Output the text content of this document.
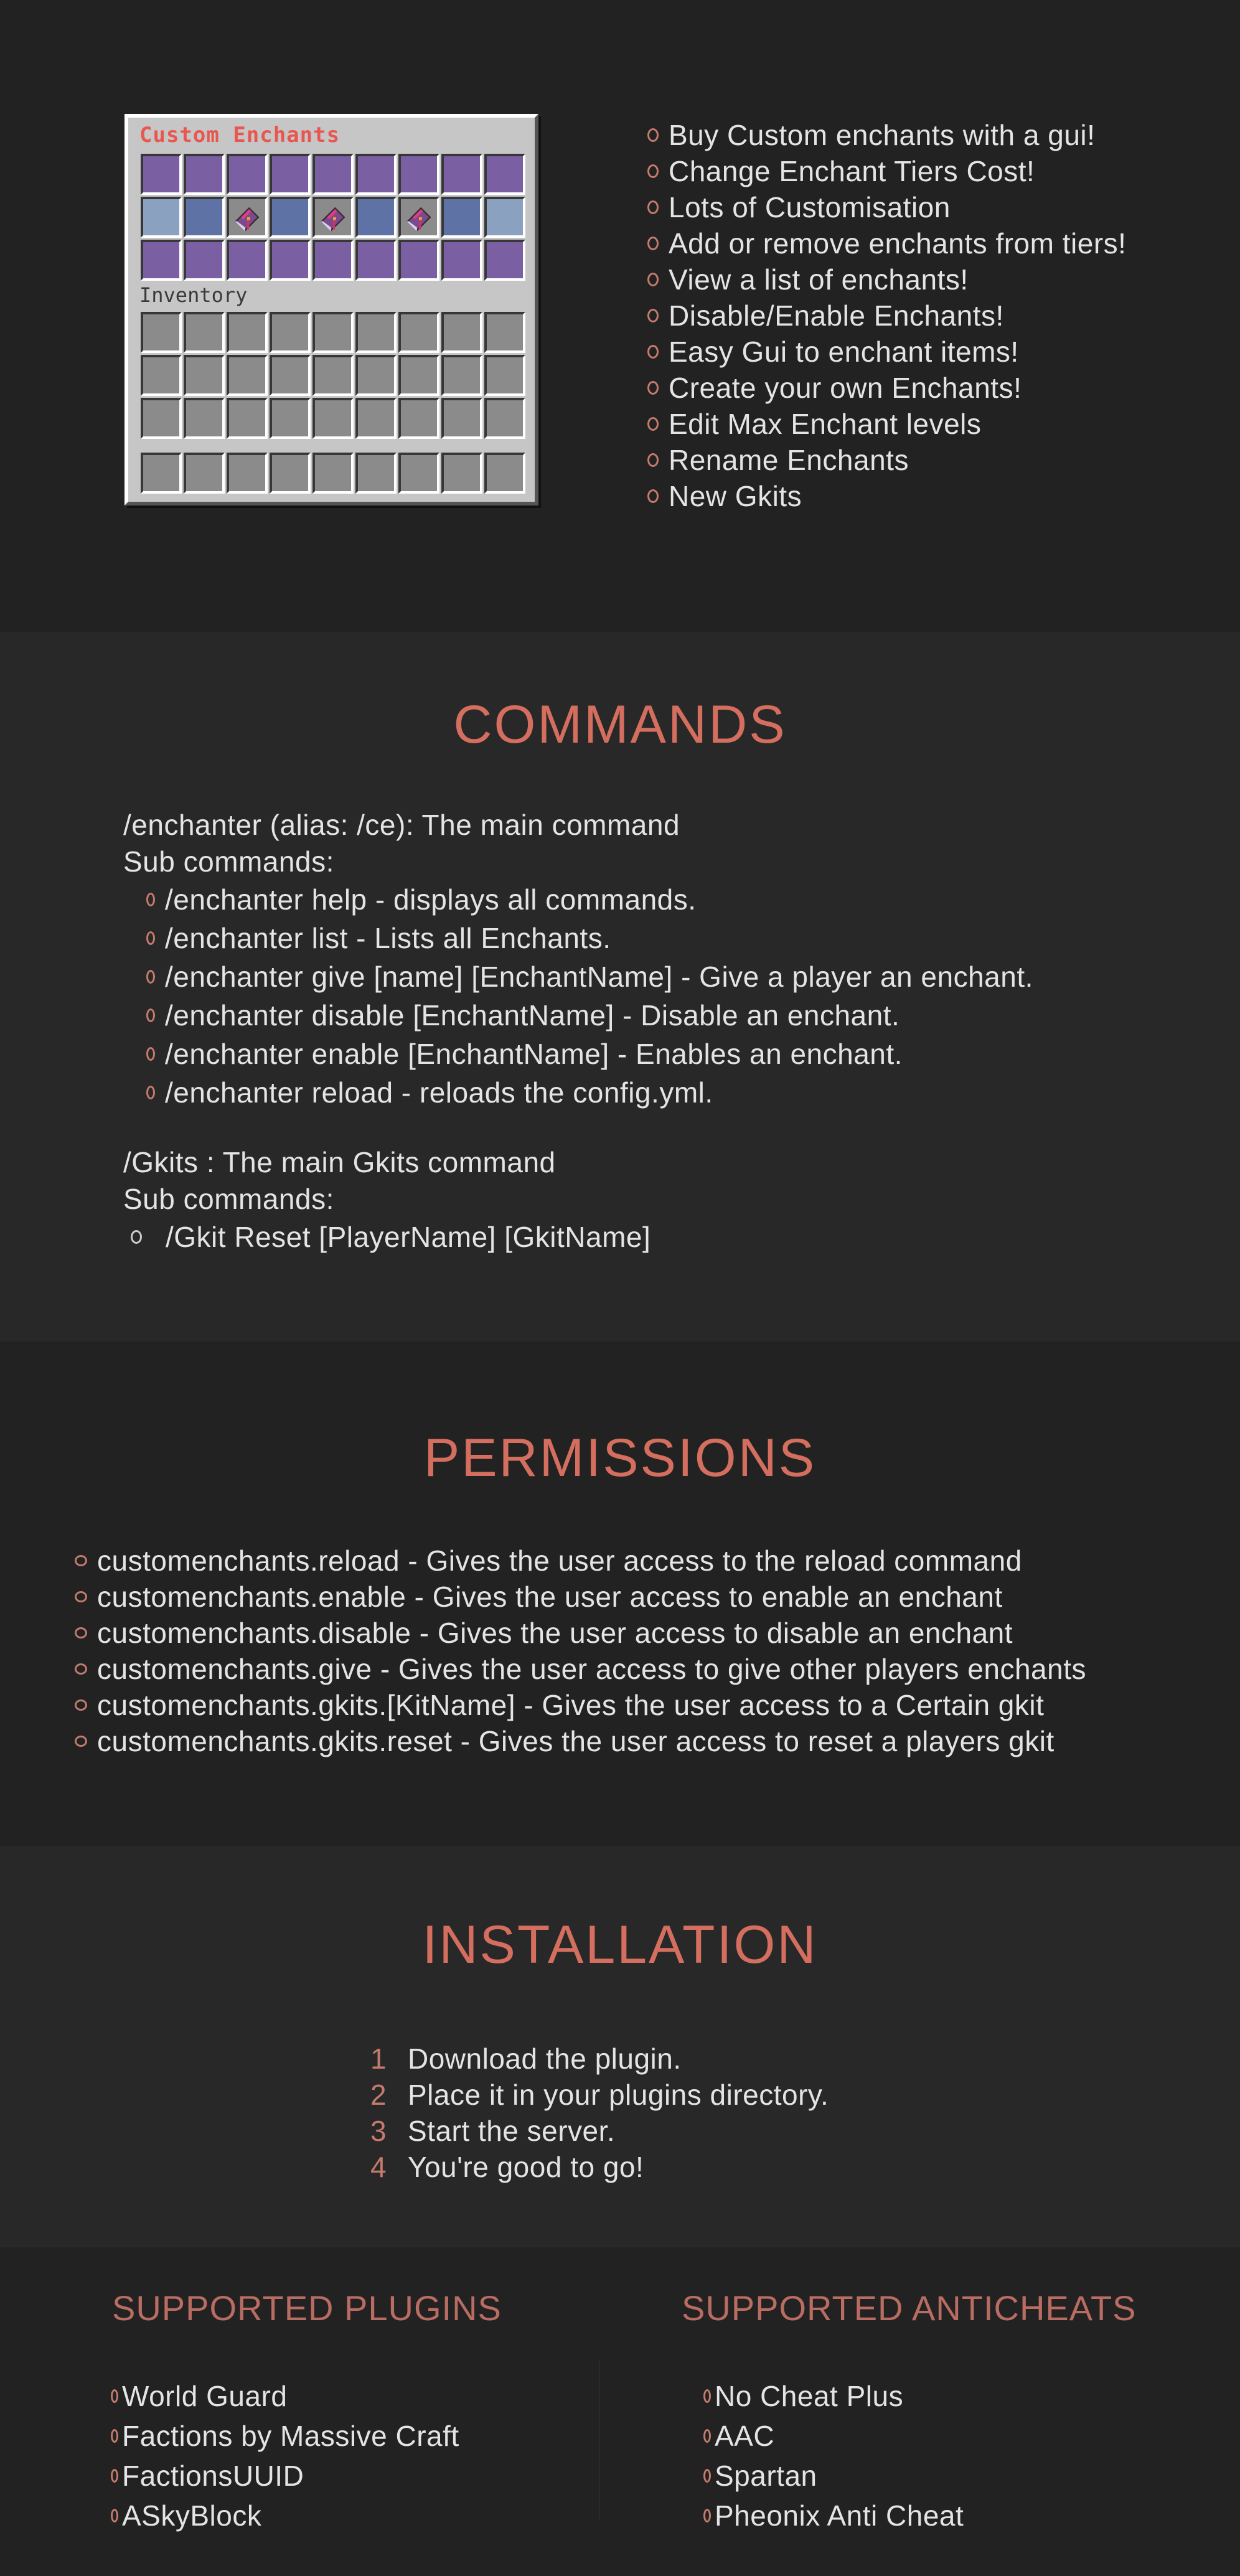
Custom Enchants
Inventory
Buy Custom enchants with a gui!
Change Enchant Tiers Cost!
Lots of Customisation
Add or remove enchants from tiers!
View a list of enchants!
Disable/Enable Enchants!
Easy Gui to enchant items!
Create your own Enchants!
Edit Max Enchant levels
Rename Enchants
New Gkits
COMMANDS
/enchanter (alias: /ce): The main command
Sub commands:
/enchanter help - displays all commands.
/enchanter list - Lists all Enchants.
/enchanter give [name] [EnchantName] - Give a player an enchant.
/enchanter disable [EnchantName] - Disable an enchant.
/enchanter enable [EnchantName] - Enables an enchant.
/enchanter reload - reloads the config.yml.
/Gkits : The main Gkits command
Sub commands:
/Gkit Reset [PlayerName] [GkitName]
PERMISSIONS
customenchants.reload - Gives the user access to the reload command
customenchants.enable - Gives the user access to enable an enchant
customenchants.disable - Gives the user access to disable an enchant
customenchants.give - Gives the user access to give other players enchants
customenchants.gkits.[KitName] - Gives the user access to a Certain gkit
customenchants.gkits.reset - Gives the user access to reset a players gkit
INSTALLATION
1 Download the plugin.
2 Place it in your plugins directory.
3 Start the server.
4 You're good to go!
SUPPORTED PLUGINS	SUPPORTED ANTICHEATS
World Guard
Factions by Massive Craft
FactionsUUID
ASkyBlock
No Cheat Plus
AAC
Spartan
Pheonix Anti Cheat
